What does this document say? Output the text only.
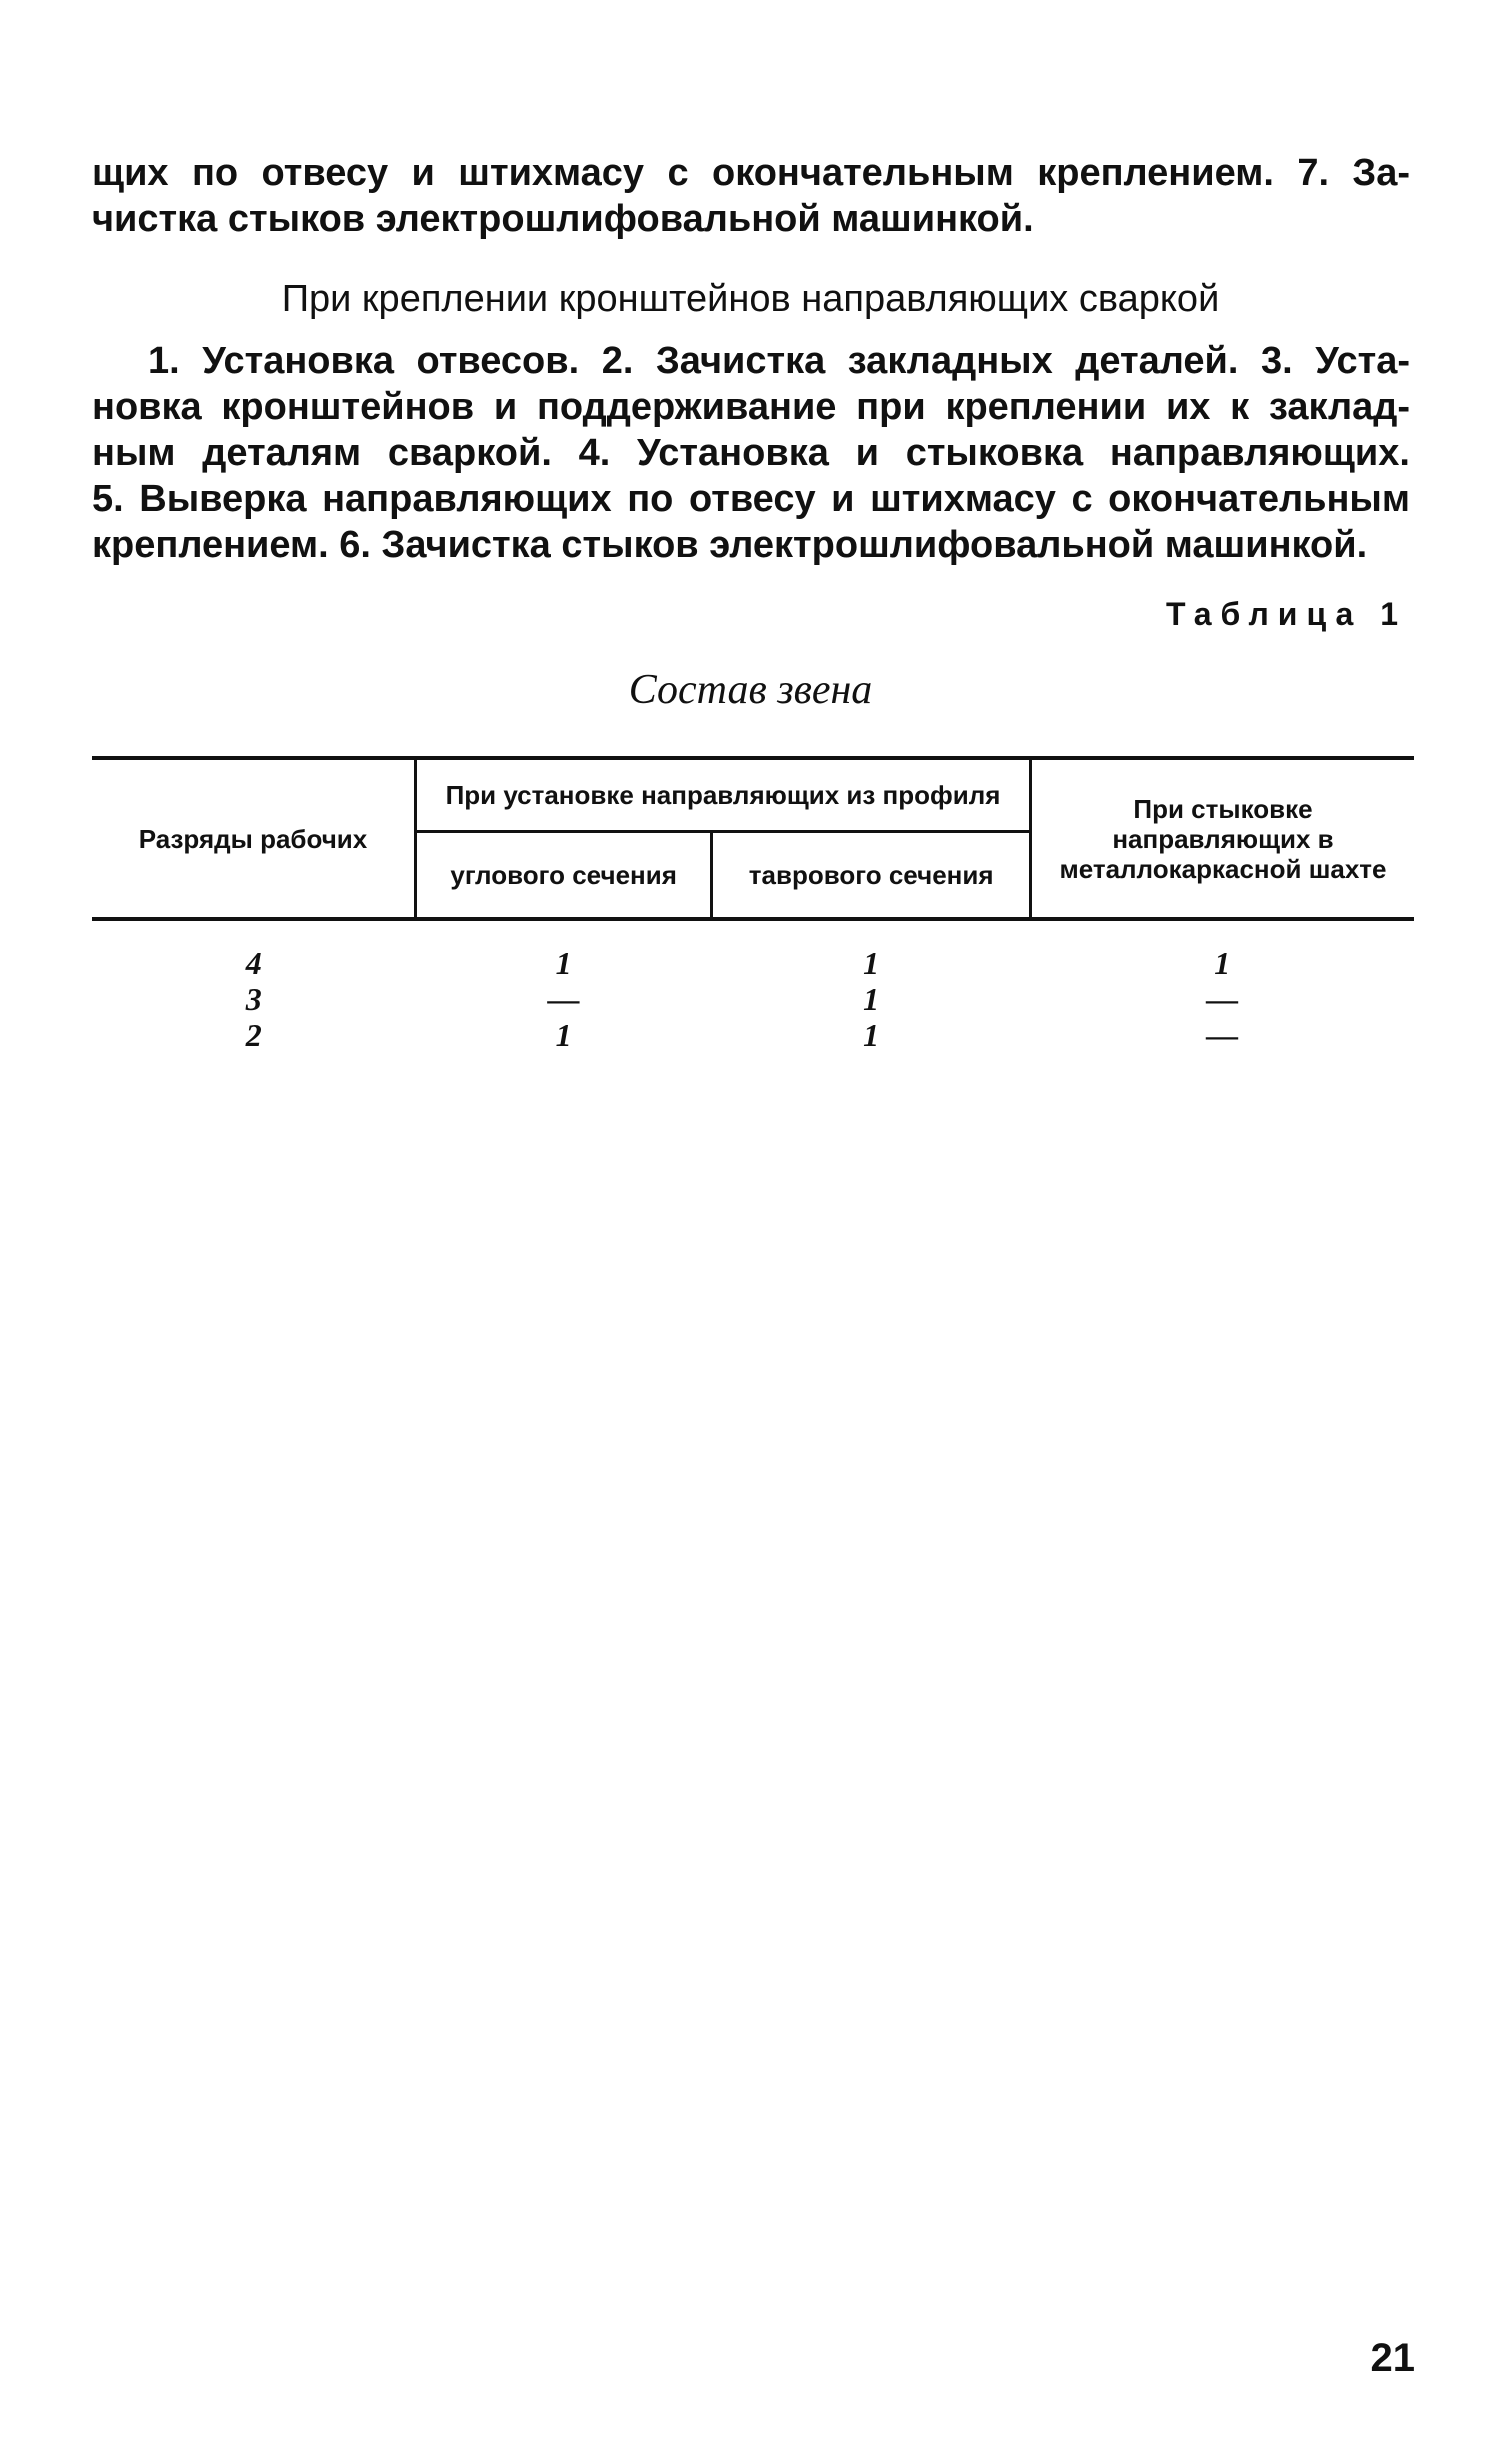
щих по отвесу и штихмасу с окончательным креплением. 7. За-
чистка стыков электрошлифовальной машинкой.

При креплении кронштейнов направляющих сваркой

1. Установка отвесов. 2. Зачистка закладных деталей. 3. Уста-
новка кронштейнов и поддерживание при креплении их к заклад-
ным деталям сваркой. 4. Установка и стыковка направляющих.
5. Выверка направляющих по отвесу и штихмасу с окончательным
креплением. 6. Зачистка стыков электрошлифовальной машинкой.

Таблица 1

Состав звена

Разряды рабочих	При установке направляющих из профиля		При стыковке направляющих в металлокаркасной шахте
	углового сечения	таврового сечения	
4	1	1	1
3	—	1	—
2	1	1	—

21
